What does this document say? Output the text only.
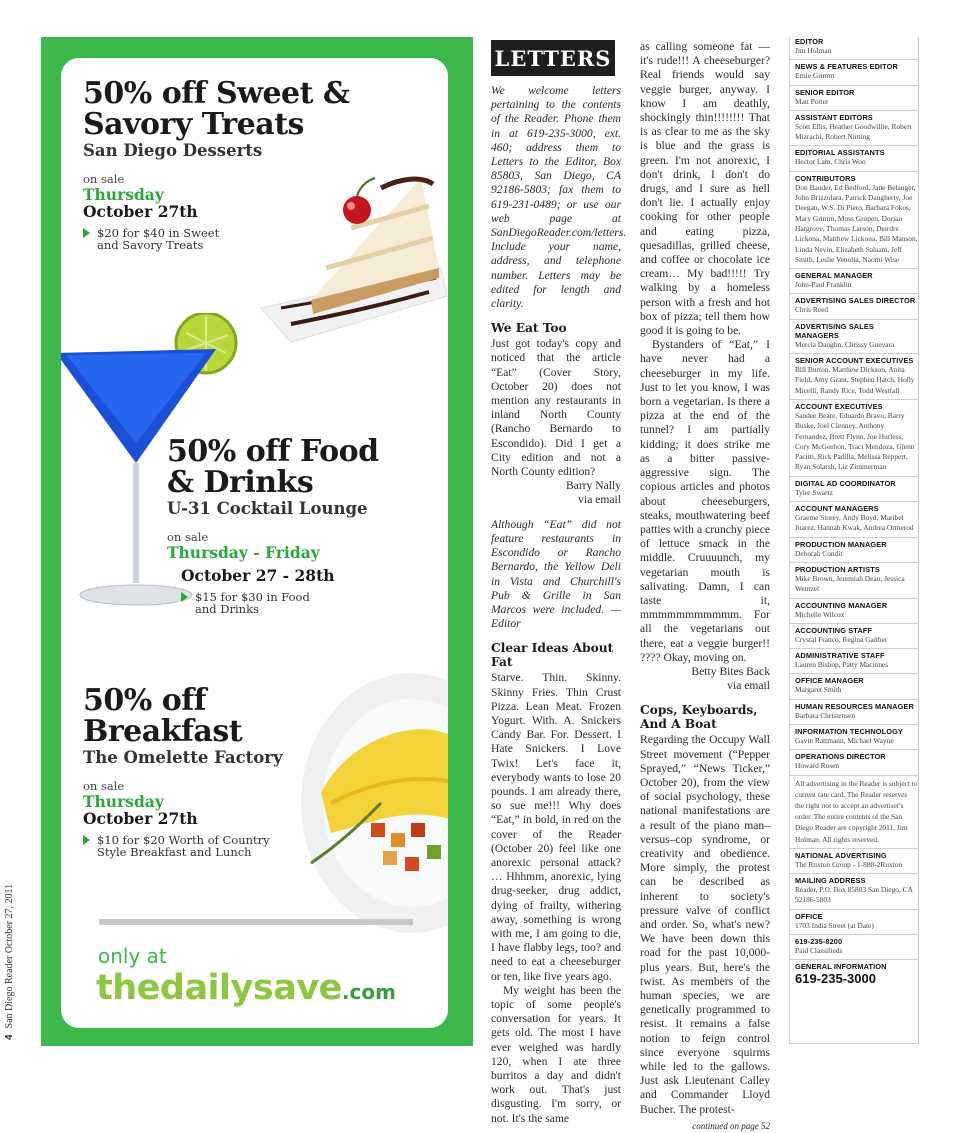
4San Diego Reader October 27, 2011
50% off Sweet & Savory Treats
San Diego Desserts
on sale
Thursday
October 27th
$20 for $40 in Sweet and Savory Treats
50% off Food & Drinks
U-31 Cocktail Lounge
on sale
Thursday - Friday
October 27 - 28th
$15 for $30 in Food and Drinks
50% off Breakfast
The Omelette Factory
on sale
Thursday
October 27th
$10 for $20 Worth of Country Style Breakfast and Lunch
only at
thedailysave.com
LETTERS

We welcome letters pertaining to the contents of the Reader. Phone them in at 619-235-3000, ext. 460; address them to Letters to the Editor, Box 85803, San Diego, CA 92186-5803; fax them to 619-231-0489; or use our web page at SanDiegoReader.com/letters. Include your name, address, and telephone number. Letters may be edited for length and clarity.

We Eat Too

Just got today's copy and noticed that the article “Eat” (Cover Story, October 20) does not mention any restaurants in inland North County (Rancho Bernardo to Escondido). Did I get a City edition and not a North County edition?

Barry Nally
via email

Although “Eat” did not feature restaurants in Escondido or Rancho Bernardo, the Yellow Deli in Vista and Churchill's Pub & Grille in San Marcos were included. — Editor

Clear Ideas About Fat

Starve. Thin. Skinny. Skinny Fries. Thin Crust Pizza. Lean Meat. Frozen Yogurt. With. A. Snickers Candy Bar. For. Dessert. I Hate Snickers. I Love Twix! Let's face it, everybody wants to lose 20 pounds. I am already there, so sue me!!! Why does “Eat,” in bold, in red on the cover of the Reader (October 20) feel like one anorexic personal attack? … Hhhmm, anorexic, lying drug-seeker, drug addict, dying of frailty, withering away, something is wrong with me, I am going to die, I have flabby legs, too? and need to eat a cheeseburger or ten, like five years ago.

My weight has been the topic of some people's conversation for years. It gets old. The most I have ever weighed was hardly 120, when I ate three burritos a day and didn't work out. That's just disgusting. I'm sorry, or not. It's the same

as calling someone fat — it's rude!!! A cheeseburger? Real friends would say veggie burger, anyway. I know I am deathly, shockingly thin!!!!!!!! That is as clear to me as the sky is blue and the grass is green. I'm not anorexic, I don't drink, I don't do drugs, and I sure as hell don't lie. I actually enjoy cooking for other people and eating pizza, quesadillas, grilled cheese, and coffee or chocolate ice cream… My bad!!!!! Try walking by a homeless person with a fresh and hot box of pizza; tell them how good it is going to be.

Bystanders of “Eat,” I have never had a cheeseburger in my life. Just to let you know, I was born a vegetarian. Is there a pizza at the end of the tunnel? I am partially kidding; it does strike me as a bitter passive-aggressive sign. The copious articles and photos about cheeseburgers, steaks, mouthwatering beef patties with a crunchy piece of lettuce smack in the middle. Cruuuunch, my vegetarian mouth is salivating. Damn, I can taste it, mmmmmmmmmmm. For all the vegetarians out there, eat a veggie burger!! ???? Okay, moving on.

Betty Bites Back
via email
Cops, Keyboards, And A Boat

Regarding the Occupy Wall Street movement (“Pepper Sprayed,” “News Ticker,” October 20), from the view of social psychology, these national manifestations are a result of the piano man–versus–cop syndrome, or creativity and obedience. More simply, the protest can be described as inherent to society's pressure valve of conflict and order. So, what's new? We have been down this road for the past 10,000-plus years. But, here's the twist. As members of the human species, we are genetically programmed to resist. It remains a false notion to feign control since everyone squirms while led to the gallows. Just ask Lieutenant Calley and Commander Lloyd Bucher. The protest-

continued on page 52
EDITOR
Jim Holman
NEWS & FEATURES EDITOR
Ernie Grimm
SENIOR EDITOR
Matt Potter
ASSISTANT EDITORS
Scott Ellis, Heather Goodwillie, Robert Mizrachi, Robert Nutting
EDITORIAL ASSISTANTS
Hector Lam, Chris Woo
CONTRIBUTORS
Don Bauder, Ed Bedford, Jane Belanger, John Brizzolara, Patrick Daugherty, Joe Deegan, W.S. Di Piero, Barbara Fokos, Mary Grimm, Moss Gropen, Dorian Hargrove, Thomas Larson, Deirdre Lickona, Matthew Lickona, Bill Manson, Linda Nevin, Elizabeth Salaam, Jeff Smith, Leslie Venolia, Naomi Wise
GENERAL MANAGER
John-Paul Franklin
ADVERTISING SALES DIRECTOR
Chris Reed
ADVERTISING SALES MANAGERS
Mercia Daughn, Chrissy Guevara
SENIOR ACCOUNT EXECUTIVES
Bill Burton, Matthew Dickson, Anita Field, Amy Grant, Stephen Hatch, Holly Micelli, Randy Rice, Todd Westfall
ACCOUNT EXECUTIVES
Sandee Beare, Eduardo Bravo, Barry Buske, Joel Clenney, Anthony Fernandez, Brett Flynn, Joe Hurless, Cory McGeehon, Traci Mendoza, Glenn Pacitti, Rick Padilla, Melissa Reppert, Ryan Solarsh, Liz Zimmerman
DIGITAL AD COORDINATOR
Tyler Swartz
ACCOUNT MANAGERS
Graeme Storey, Andy Boyd, Maribel Juarez, Hannah Kwak, Andrea Ormerod
PRODUCTION MANAGER
Deborah Condit
PRODUCTION ARTISTS
Mike Brown, Jeremiah Dean, Jessica Wentzel
ACCOUNTING MANAGER
Michelle Wilcox
ACCOUNTING STAFF
Crystal Franco, Regina Gaither
ADMINISTRATIVE STAFF
Lauren Bishop, Patty Macinnes
OFFICE MANAGER
Margaret Smith
HUMAN RESOURCES MANAGER
Barbara Christensen
INFORMATION TECHNOLOGY
Gavin Rattmann, Michael Wayne
OPERATIONS DIRECTOR
Howard Rosen
All advertising in the Reader is subject to current rate card. The Reader reserves the right not to accept an advertiser's order. The entire contents of the San Diego Reader are copyright 2011, Jim Holman. All rights reserved.
NATIONAL ADVERTISING
The Ruxton Group - 1-888-2Ruxton
MAILING ADDRESS
Reader, P.O. Box 85803 San Diego, CA 92186-5803
OFFICE
1703 India Street (at Date)
619-235-8200
Paid Classifieds
GENERAL INFORMATION
619-235-3000
